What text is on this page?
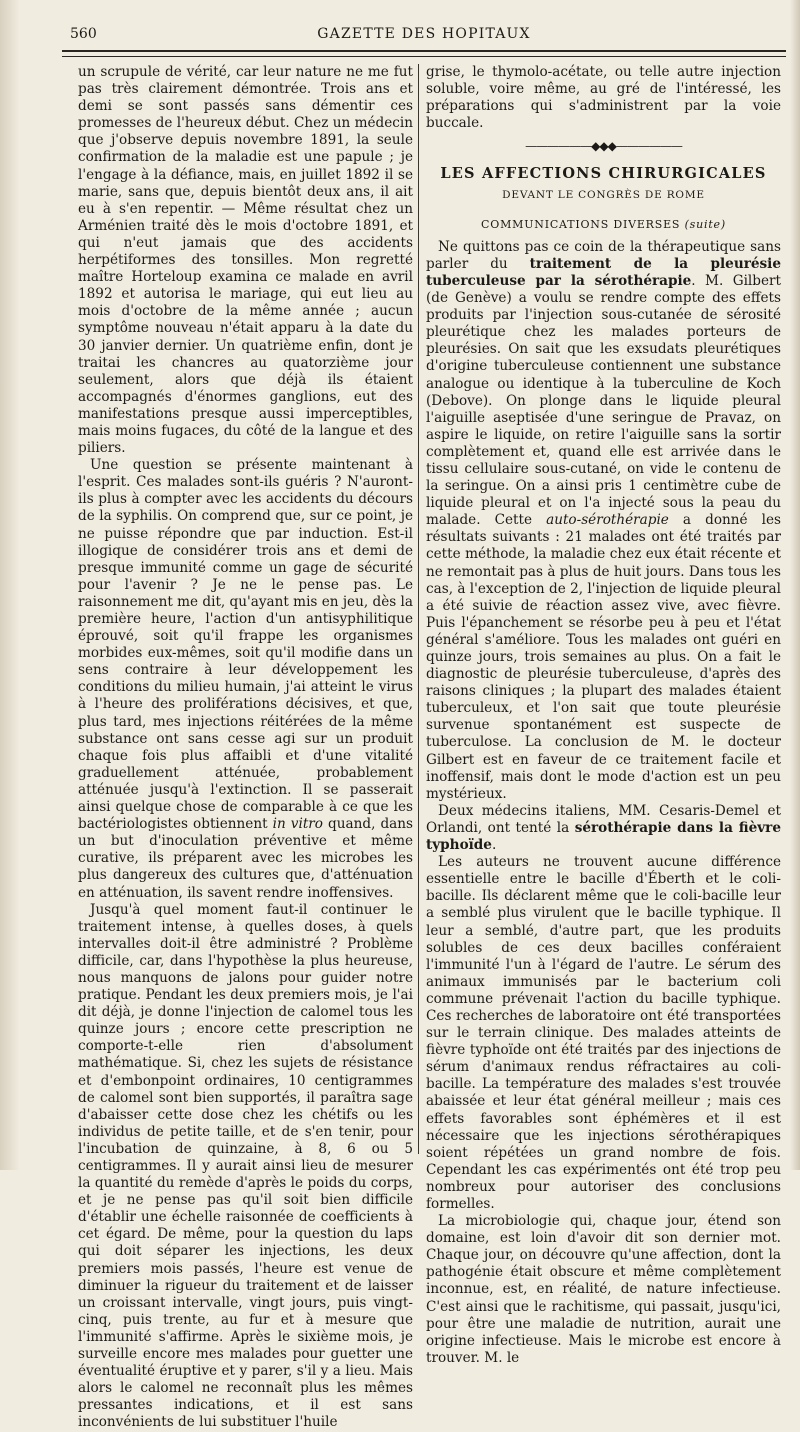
560	GAZETTE DES HOPITAUX

un scrupule de vérité, car leur nature ne me fut pas très clairement démontrée. Trois ans et demi se sont passés sans démentir ces promesses de l'heureux début. Chez un médecin que j'observe depuis novembre 1891, la seule confirmation de la maladie est une papule ; je l'engage à la défiance, mais, en juillet 1892 il se marie, sans que, depuis bientôt deux ans, il ait eu à s'en repentir. — Même résultat chez un Arménien traité dès le mois d'octobre 1891, et qui n'eut jamais que des accidents herpétiformes des tonsilles. Mon regretté maître Horteloup examina ce malade en avril 1892 et autorisa le mariage, qui eut lieu au mois d'octobre de la même année ; aucun symptôme nouveau n'était apparu à la date du 30 janvier dernier. Un quatrième enfin, dont je traitai les chancres au quatorzième jour seulement, alors que déjà ils étaient accompagnés d'énormes ganglions, eut des manifestations presque aussi imperceptibles, mais moins fugaces, du côté de la langue et des piliers.

Une question se présente maintenant à l'esprit. Ces malades sont-ils guéris ? N'auront-ils plus à compter avec les accidents du décours de la syphilis. On comprend que, sur ce point, je ne puisse répondre que par induction. Est-il illogique de considérer trois ans et demi de presque immunité comme un gage de sécurité pour l'avenir ? Je ne le pense pas. Le raisonnement me dit, qu'ayant mis en jeu, dès la première heure, l'action d'un antisyphilitique éprouvé, soit qu'il frappe les organismes morbides eux-mêmes, soit qu'il modifie dans un sens contraire à leur développement les conditions du milieu humain, j'ai atteint le virus à l'heure des proliférations décisives, et que, plus tard, mes injections réitérées de la même substance ont sans cesse agi sur un produit chaque fois plus affaibli et d'une vitalité graduellement atténuée, probablement atténuée jusqu'à l'extinction. Il se passerait ainsi quelque chose de comparable à ce que les bactériologistes obtiennent in vitro quand, dans un but d'inoculation préventive et même curative, ils préparent avec les microbes les plus dangereux des cultures que, d'atténuation en atténuation, ils savent rendre inoffensives.

Jusqu'à quel moment faut-il continuer le traitement intense, à quelles doses, à quels intervalles doit-il être administré ? Problème difficile, car, dans l'hypothèse la plus heureuse, nous manquons de jalons pour guider notre pratique. Pendant les deux premiers mois, je l'ai dit déjà, je donne l'injection de calomel tous les quinze jours ; encore cette prescription ne comporte-t-elle rien d'absolument mathématique. Si, chez les sujets de résistance et d'embonpoint ordinaires, 10 centigrammes de calomel sont bien supportés, il paraîtra sage d'abaisser cette dose chez les chétifs ou les individus de petite taille, et de s'en tenir, pour l'incubation de quinzaine, à 8, 6 ou 5 centigrammes. Il y aurait ainsi lieu de mesurer la quantité du remède d'après le poids du corps, et je ne pense pas qu'il soit bien difficile d'établir une échelle raisonnée de coefficients à cet égard. De même, pour la question du laps qui doit séparer les injections, les deux premiers mois passés, l'heure est venue de diminuer la rigueur du traitement et de laisser un croissant intervalle, vingt jours, puis vingt-cinq, puis trente, au fur et à mesure que l'immunité s'affirme. Après le sixième mois, je surveille encore mes malades pour guetter une éventualité éruptive et y parer, s'il y a lieu. Mais alors le calomel ne reconnaît plus les mêmes pressantes indications, et il est sans inconvénients de lui substituer l'huile

grise, le thymolo-acétate, ou telle autre injection soluble, voire même, au gré de l'intéressé, les préparations qui s'administrent par la voie buccale.

——————◆◆◆——————
LES AFFECTIONS CHIRURGICALES
DEVANT LE CONGRÈS DE ROME
COMMUNICATIONS DIVERSES (suite)

Ne quittons pas ce coin de la thérapeutique sans parler du traitement de la pleurésie tuberculeuse par la sérothérapie. M. Gilbert (de Genève) a voulu se rendre compte des effets produits par l'injection sous-cutanée de sérosité pleurétique chez les malades porteurs de pleurésies. On sait que les exsudats pleurétiques d'origine tuberculeuse contiennent une substance analogue ou identique à la tuberculine de Koch (Debove). On plonge dans le liquide pleural l'aiguille aseptisée d'une seringue de Pravaz, on aspire le liquide, on retire l'aiguille sans la sortir complètement et, quand elle est arrivée dans le tissu cellulaire sous-cutané, on vide le contenu de la seringue. On a ainsi pris 1 centimètre cube de liquide pleural et on l'a injecté sous la peau du malade. Cette auto-sérothérapie a donné les résultats suivants : 21 malades ont été traités par cette méthode, la maladie chez eux était récente et ne remontait pas à plus de huit jours. Dans tous les cas, à l'exception de 2, l'injection de liquide pleural a été suivie de réaction assez vive, avec fièvre. Puis l'épanchement se résorbe peu à peu et l'état général s'améliore. Tous les malades ont guéri en quinze jours, trois semaines au plus. On a fait le diagnostic de pleurésie tuberculeuse, d'après des raisons cliniques ; la plupart des malades étaient tuberculeux, et l'on sait que toute pleurésie survenue spontanément est suspecte de tuberculose. La conclusion de M. le docteur Gilbert est en faveur de ce traitement facile et inoffensif, mais dont le mode d'action est un peu mystérieux.

Deux médecins italiens, MM. Cesaris-Demel et Orlandi, ont tenté la sérothérapie dans la fièvre typhoïde.

Les auteurs ne trouvent aucune différence essentielle entre le bacille d'Éberth et le coli-bacille. Ils déclarent même que le coli-bacille leur a semblé plus virulent que le bacille typhique. Il leur a semblé, d'autre part, que les produits solubles de ces deux bacilles conféraient l'immunité l'un à l'égard de l'autre. Le sérum des animaux immunisés par le bacterium coli commune prévenait l'action du bacille typhique. Ces recherches de laboratoire ont été transportées sur le terrain clinique. Des malades atteints de fièvre typhoïde ont été traités par des injections de sérum d'animaux rendus réfractaires au coli-bacille. La température des malades s'est trouvée abaissée et leur état général meilleur ; mais ces effets favorables sont éphémères et il est nécessaire que les injections sérothérapiques soient répétées un grand nombre de fois. Cependant les cas expérimentés ont été trop peu nombreux pour autoriser des conclusions formelles.

La microbiologie qui, chaque jour, étend son domaine, est loin d'avoir dit son dernier mot. Chaque jour, on découvre qu'une affection, dont la pathogénie était obscure et même complètement inconnue, est, en réalité, de nature infectieuse. C'est ainsi que le rachitisme, qui passait, jusqu'ici, pour être une maladie de nutrition, aurait une origine infectieuse. Mais le microbe est encore à trouver. M. le
